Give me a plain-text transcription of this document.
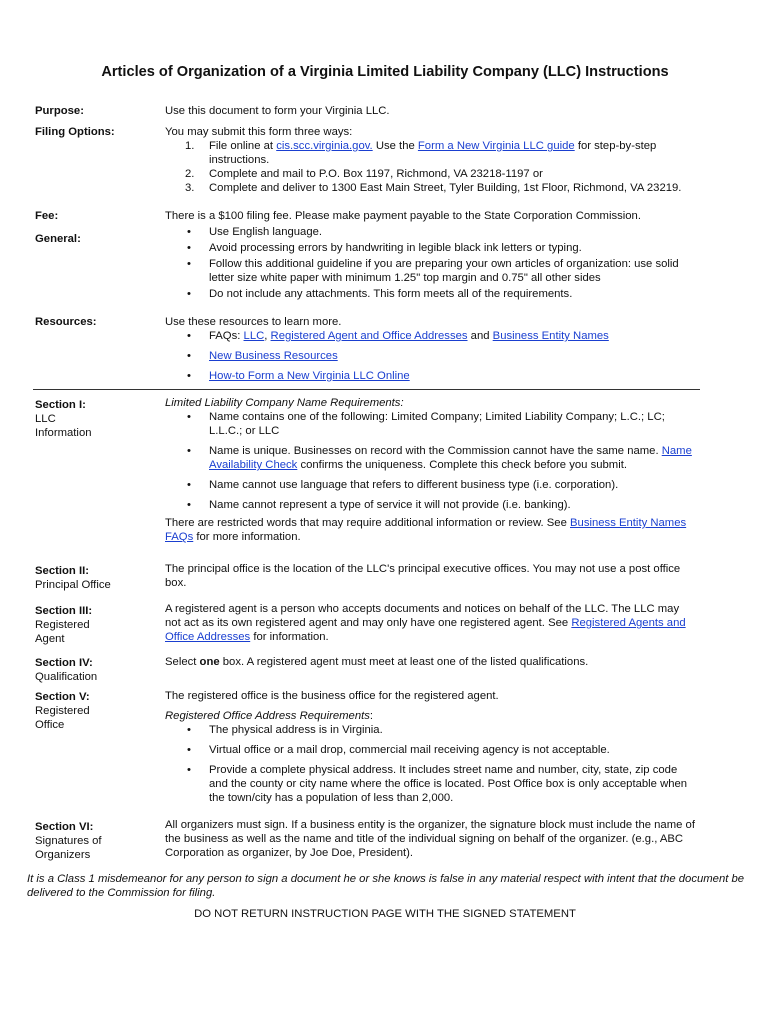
Articles of Organization of a Virginia Limited Liability Company (LLC) Instructions
Purpose:	Use this document to form your Virginia LLC.
Filing Options:	You may submit this form three ways:

1. File online at cis.scc.virginia.gov. Use the Form a New Virginia LLC guide for step-by-step instructions.
2. Complete and mail to P.O. Box 1197, Richmond, VA 23218-1197 or
3. Complete and deliver to 1300 East Main Street, Tyler Building, 1st Floor, Richmond, VA 23219.
Fee:	There is a $100 filing fee. Please make payment payable to the State Corporation Commission.
General:
• Use English language.
• Avoid processing errors by handwriting in legible black ink letters or typing.
• Follow this additional guideline if you are preparing your own articles of organization: use solid letter size white paper with minimum 1.25" top margin and 0.75" all other sides
• Do not include any attachments. This form meets all of the requirements.
Resources:	Use these resources to learn more.

• FAQs: LLC, Registered Agent and Office Addresses and Business Entity Names
• New Business Resources
• How-to Form a New Virginia LLC Online
Section I:
LLC Information

Limited Liability Company Name Requirements:

• Name contains one of the following: Limited Company; Limited Liability Company; L.C.; LC; L.L.C.; or LLC
• Name is unique. Businesses on record with the Commission cannot have the same name. Name Availability Check confirms the uniqueness. Complete this check before you submit.
• Name cannot use language that refers to different business type (i.e. corporation).
• Name cannot represent a type of service it will not provide (i.e. banking).

There are restricted words that may require additional information or review. See Business Entity Names FAQs for more information.

Section II:
Principal Office
The principal office is the location of the LLC's principal executive offices. You may not use a post office box.
Section III:
Registered Agent
A registered agent is a person who accepts documents and notices on behalf of the LLC. The LLC may not act as its own registered agent and may only have one registered agent. See Registered Agents and Office Addresses for information.
Section IV:
Qualification
Select one box. A registered agent must meet at least one of the listed qualifications.
Section V:
Registered Office

The registered office is the business office for the registered agent.

Registered Office Address Requirements:

• The physical address is in Virginia.
• Virtual office or a mail drop, commercial mail receiving agency is not acceptable.
• Provide a complete physical address. It includes street name and number, city, state, zip code and the county or city name where the office is located. Post Office box is only acceptable when the town/city has a population of less than 2,000.
Section VI:
Signatures of Organizers
All organizers must sign. If a business entity is the organizer, the signature block must include the name of the business as well as the name and title of the individual signing on behalf of the organizer. (e.g., ABC Corporation as organizer, by Joe Doe, President).
It is a Class 1 misdemeanor for any person to sign a document he or she knows is false in any material respect with intent that the document be delivered to the Commission for filing.
DO NOT RETURN INSTRUCTION PAGE WITH THE SIGNED STATEMENT
